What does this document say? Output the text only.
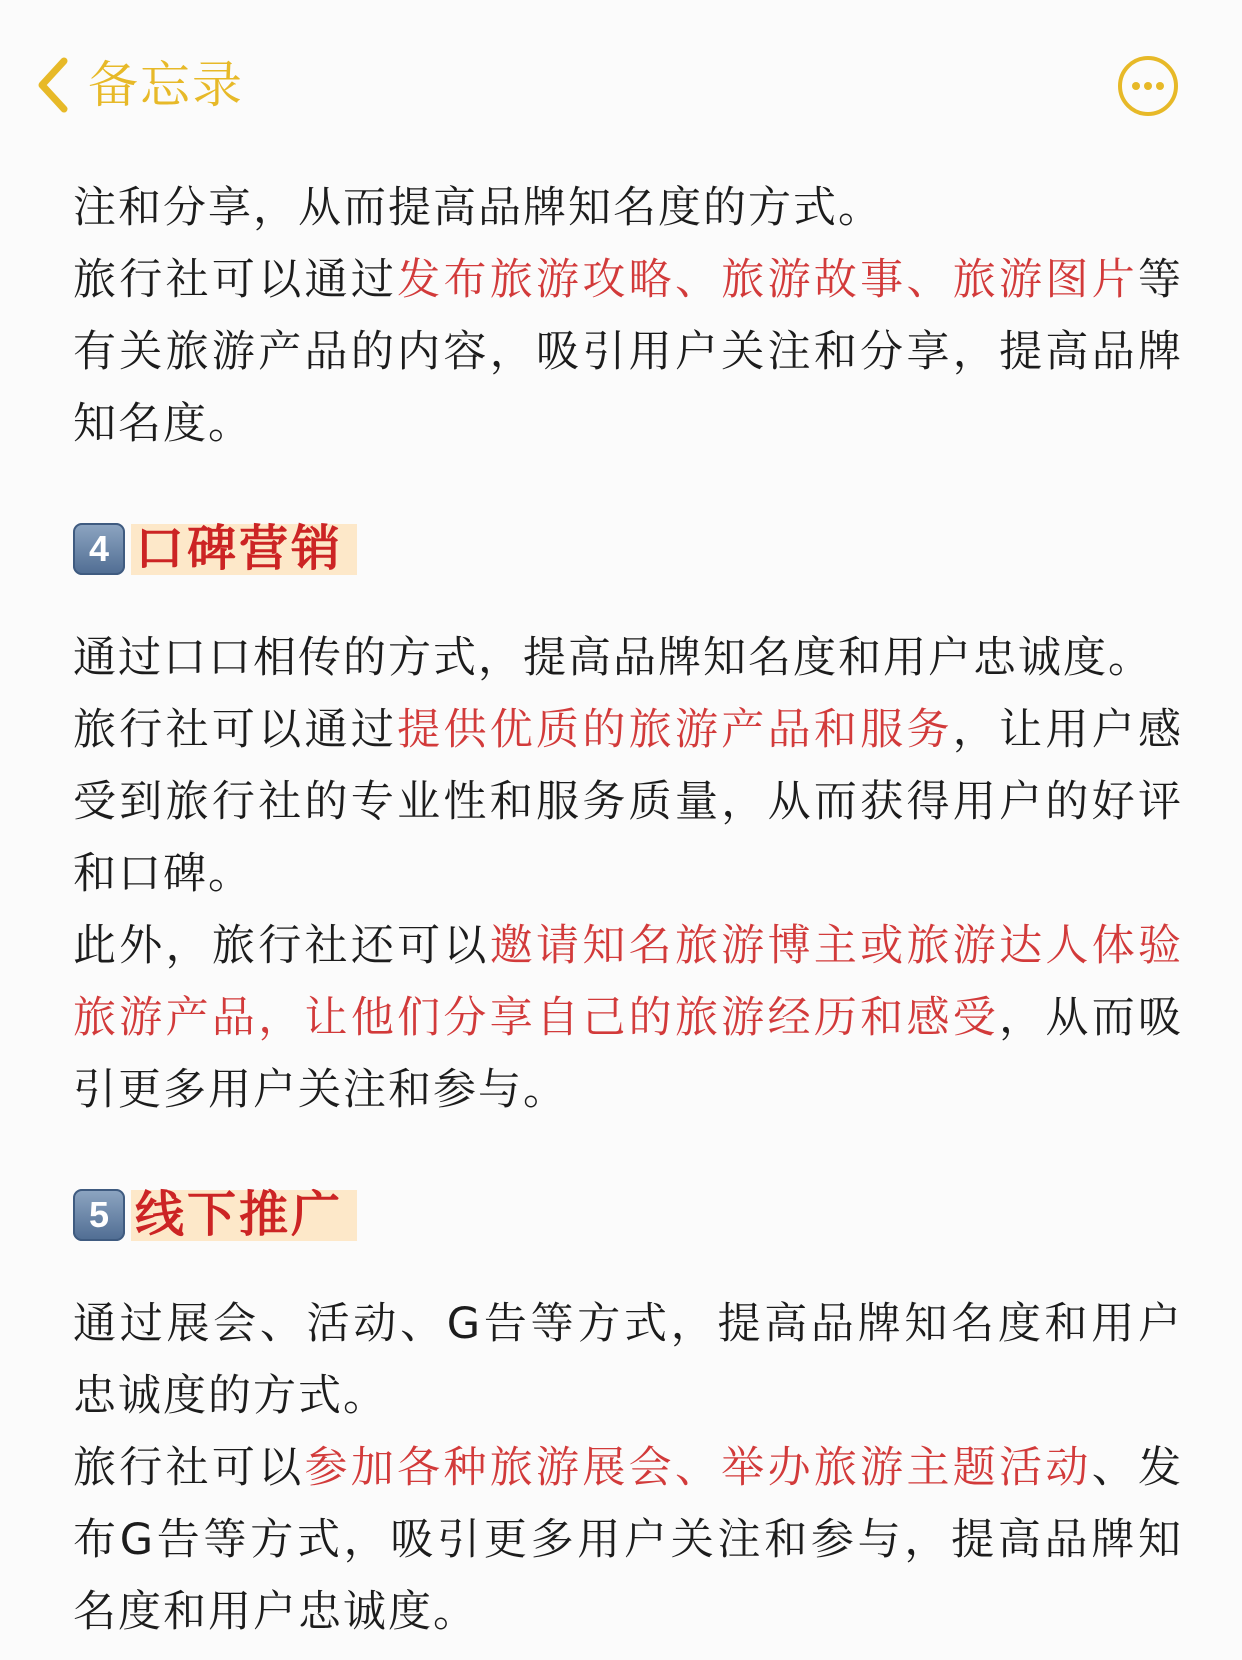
备忘录

注和分享，从而提高品牌知名度的方式。

旅行社可以通过发布旅游攻略、旅游故事、旅游图片等有关旅游产品的内容，吸引用户关注和分享，提高品牌知名度。

4 口碑营销

通过口口相传的方式，提高品牌知名度和用户忠诚度。

旅行社可以通过提供优质的旅游产品和服务，让用户感受到旅行社的专业性和服务质量，从而获得用户的好评和口碑。

此外，旅行社还可以邀请知名旅游博主或旅游达人体验旅游产品，让他们分享自己的旅游经历和感受，从而吸引更多用户关注和参与。

5 线下推广

通过展会、活动、G告等方式，提高品牌知名度和用户忠诚度的方式。

旅行社可以参加各种旅游展会、举办旅游主题活动、发布G告等方式，吸引更多用户关注和参与，提高品牌知名度和用户忠诚度。
